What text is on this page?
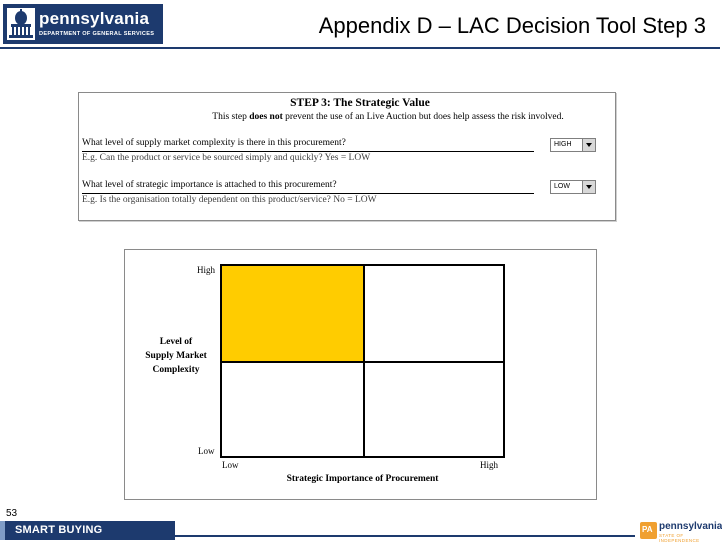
pennsylvania
DEPARTMENT OF GENERAL SERVICES	Appendix D – LAC Decision Tool Step 3
STEP 3: The Strategic Value
This step does not prevent the use of an Live Auction but does help assess the risk involved.
What level of supply market complexity is there in this procurement?
E.g. Can the product or service be sourced simply and quickly? Yes = LOW
HIGH
What level of strategic importance is attached to this procurement?
E.g. Is the organisation totally dependent on this product/service? No = LOW
LOW
High
Low
Level of
Supply Market
Complexity
Low	High
Strategic Importance of Procurement
53
SMART BUYING	PA pennsylvania
STATE OF INDEPENDENCE
